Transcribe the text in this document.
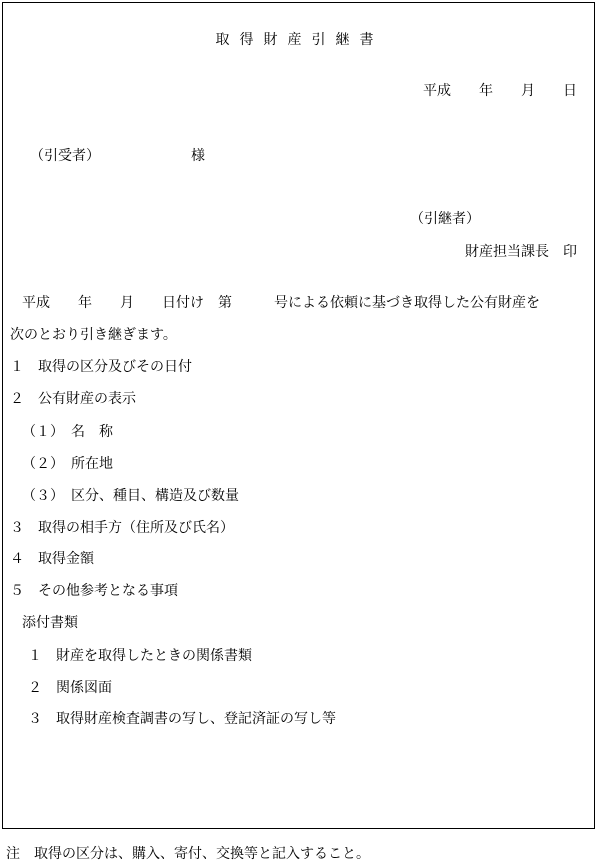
取得財産引継書
平成　　年　　月　　日
（引受者）　　　　　　　様
（引継者）
財産担当課長　印
平成　　年　　月　　日付け　第　　　号による依頼に基づき取得した公有財産を
次のとおり引き継ぎます。
１　取得の区分及びその日付
２　公有財産の表示
（１）　名　称
（２）　所在地
（３）　区分、種目、構造及び数量
３　取得の相手方（住所及び氏名）
４　取得金額
５　その他参考となる事項
添付書類
１　財産を取得したときの関係書類
２　関係図面
３　取得財産検査調書の写し、登記済証の写し等
注　取得の区分は、購入、寄付、交換等と記入すること。
